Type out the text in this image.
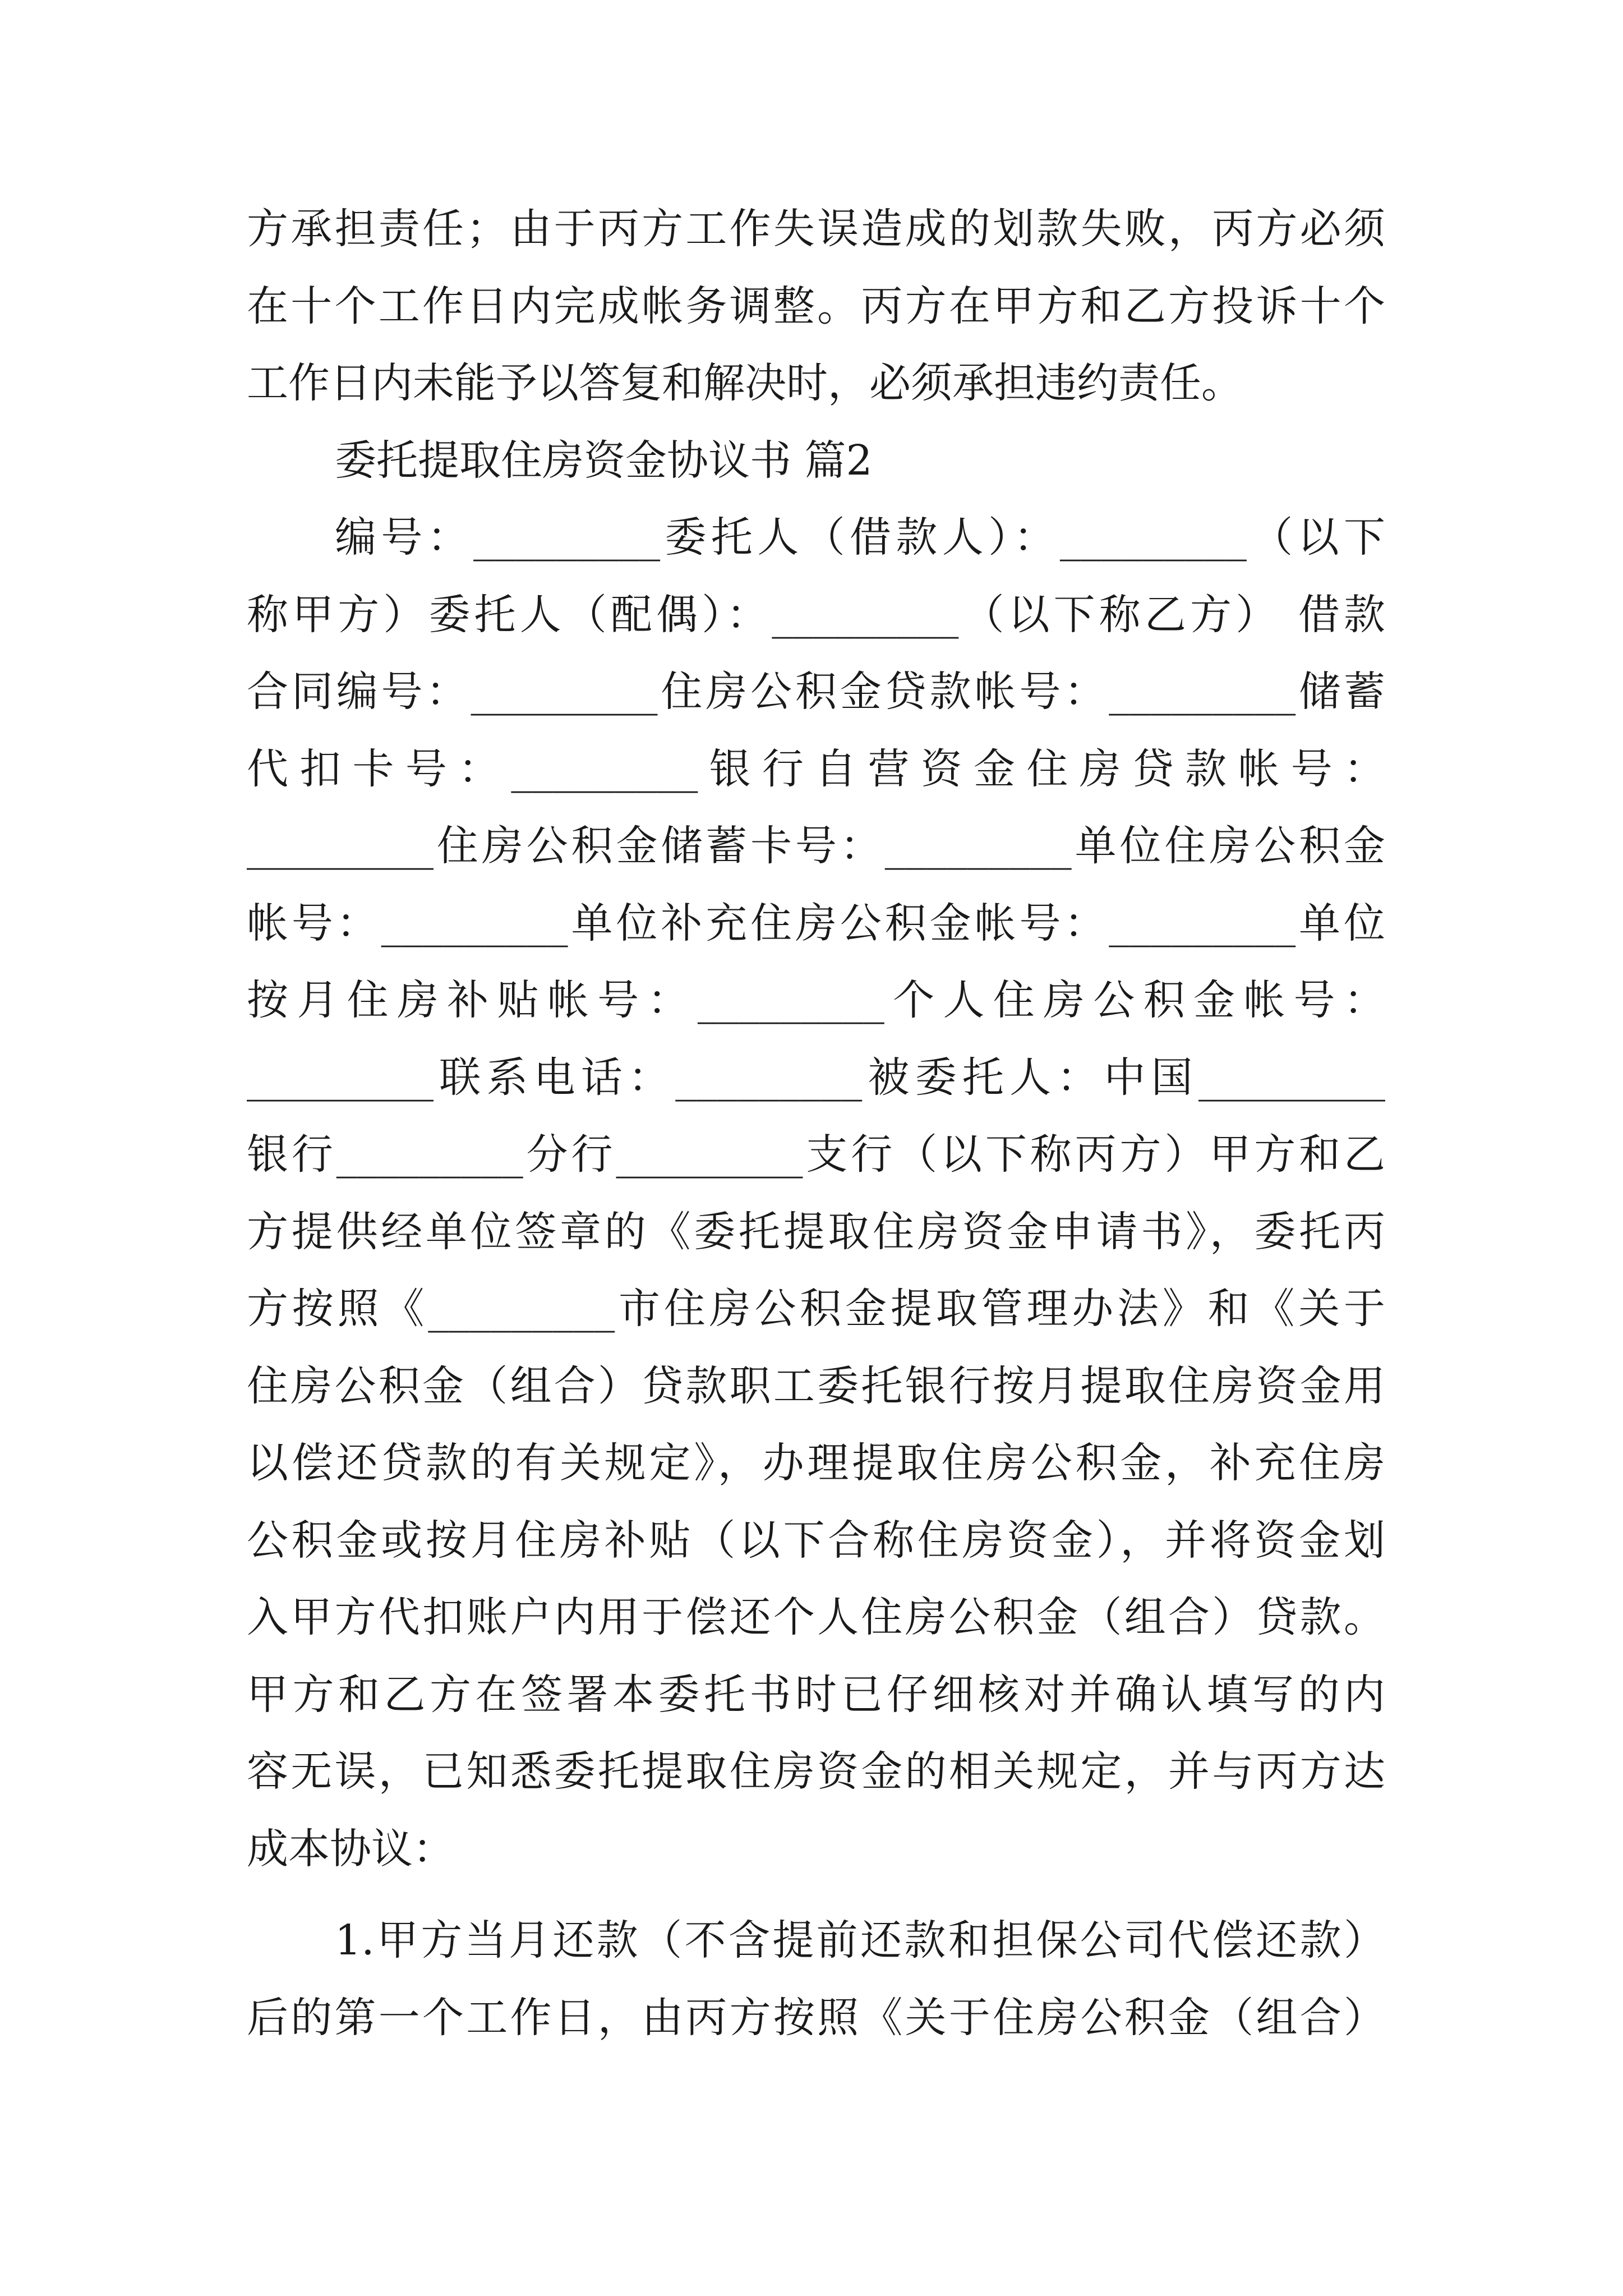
方承担责任；由于丙方工作失误造成的划款失败，丙方必须
在十个工作日内完成帐务调整。丙方在甲方和乙方投诉十个
工作日内未能予以答复和解决时，必须承担违约责任。
委托提取住房资金协议书 篇2
编号：_________委托人（借款人）：_________（以下
称甲方）委托人（配偶）：_________（以下称乙方） 借款
合同编号：_________住房公积金贷款帐号：_________储蓄
代扣卡号：_________银行自营资金住房贷款帐号：
_________住房公积金储蓄卡号：_________单位住房公积金
帐号：_________单位补充住房公积金帐号：_________单位
按月住房补贴帐号：_________个人住房公积金帐号：
_________联系电话：_________被委托人：中国_________
银行_________分行_________支行（以下称丙方）甲方和乙
方提供经单位签章的《委托提取住房资金申请书》，委托丙
方按照《_________市住房公积金提取管理办法》和《关于
住房公积金（组合）贷款职工委托银行按月提取住房资金用
以偿还贷款的有关规定》，办理提取住房公积金，补充住房
公积金或按月住房补贴（以下合称住房资金），并将资金划
入甲方代扣账户内用于偿还个人住房公积金（组合）贷款。
甲方和乙方在签署本委托书时已仔细核对并确认填写的内
容无误，已知悉委托提取住房资金的相关规定，并与丙方达
成本协议：
1.甲方当月还款（不含提前还款和担保公司代偿还款）
后的第一个工作日，由丙方按照《关于住房公积金（组合）
